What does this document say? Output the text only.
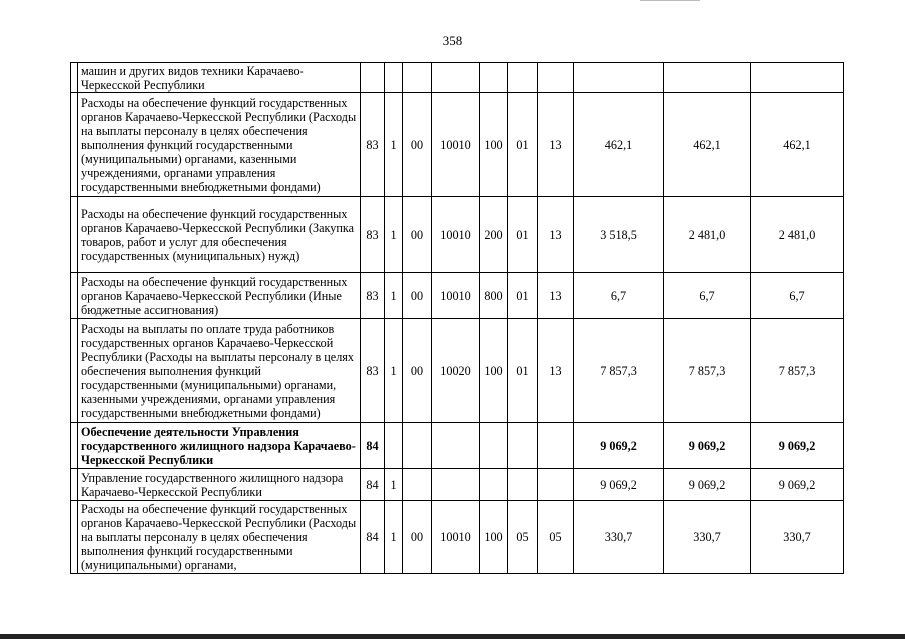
358
	машин и других видов техники Карачаево-Черкесской Республики										
	Расходы на обеспечение функций государственных органов Карачаево-Черкесской Республики (Расходы на выплаты персоналу в целях обеспечения выполнения функций государственными (муниципальными) органами, казенными учреждениями, органами управления государственными внебюджетными фондами)	83	1	00	10010	100	01	13	462,1	462,1	462,1
	Расходы на обеспечение функций государственных органов Карачаево-Черкесской Республики (Закупка товаров, работ и услуг для обеспечения государственных (муниципальных) нужд)	83	1	00	10010	200	01	13	3 518,5	2 481,0	2 481,0
	Расходы на обеспечение функций государственных органов Карачаево-Черкесской Республики (Иные бюджетные ассигнования)	83	1	00	10010	800	01	13	6,7	6,7	6,7
	Расходы на выплаты по оплате труда работников государственных органов Карачаево-Черкесской Республики (Расходы на выплаты персоналу в целях обеспечения выполнения функций государственными (муниципальными) органами, казенными учреждениями, органами управления государственными внебюджетными фондами)	83	1	00	10020	100	01	13	7 857,3	7 857,3	7 857,3
	Обеспечение деятельности Управления государственного жилищного надзора Карачаево-Черкесской Республики	84							9 069,2	9 069,2	9 069,2
	Управление государственного жилищного надзора Карачаево-Черкесской Республики	84	1						9 069,2	9 069,2	9 069,2
	Расходы на обеспечение функций государственных органов Карачаево-Черкесской Республики (Расходы на выплаты персоналу в целях обеспечения выполнения функций государственными (муниципальными) органами,	84	1	00	10010	100	05	05	330,7	330,7	330,7
